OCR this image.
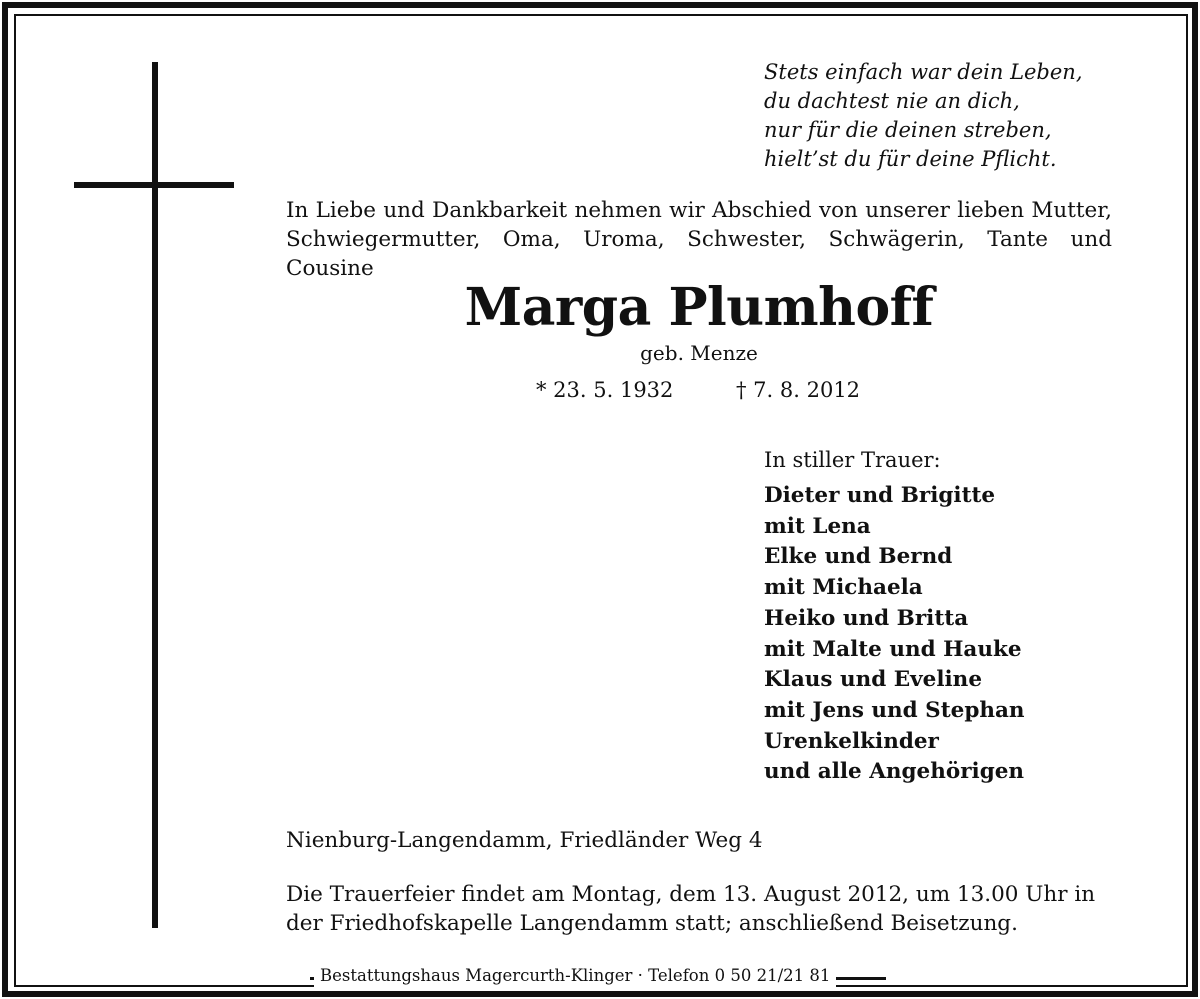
Stets einfach war dein Leben,
du dachtest nie an dich,
nur für die deinen streben,
hielt’st du für deine Pflicht.
In Liebe und Dankbarkeit nehmen wir Abschied von unserer lieben Mutter, Schwiegermutter, Oma, Uroma, Schwester, Schwägerin, Tante und Cousine
Marga Plumhoff
geb. Menze
* 23. 5. 1932	† 7. 8. 2012
In stiller Trauer:
Dieter und Brigitte
mit Lena
Elke und Bernd
mit Michaela
Heiko und Britta
mit Malte und Hauke
Klaus und Eveline
mit Jens und Stephan
Urenkelkinder
und alle Angehörigen
Nienburg-Langendamm, Friedländer Weg 4
Die Trauerfeier findet am Montag, dem 13. August 2012, um 13.00 Uhr in
der Friedhofskapelle Langendamm statt; anschließend Beisetzung.
Bestattungshaus Magercurth-Klinger · Telefon 0 50 21/21 81
